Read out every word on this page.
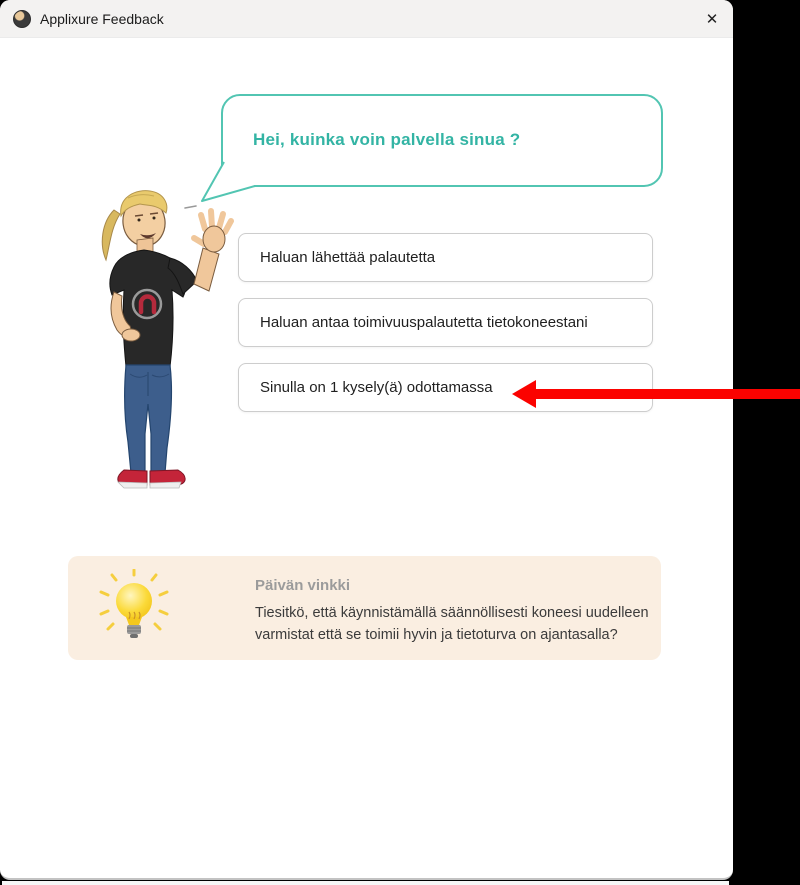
Applixure Feedback	✕
Hei, kuinka voin palvella sinua ?
Haluan lähettää palautetta
Haluan antaa toimivuuspalautetta tietokoneestani
Sinulla on 1 kysely(ä) odottamassa
Päivän vinkki
Tiesitkö, että käynnistämällä säännöllisesti koneesi uudelleen varmistat että se toimii hyvin ja tietoturva on ajantasalla?
